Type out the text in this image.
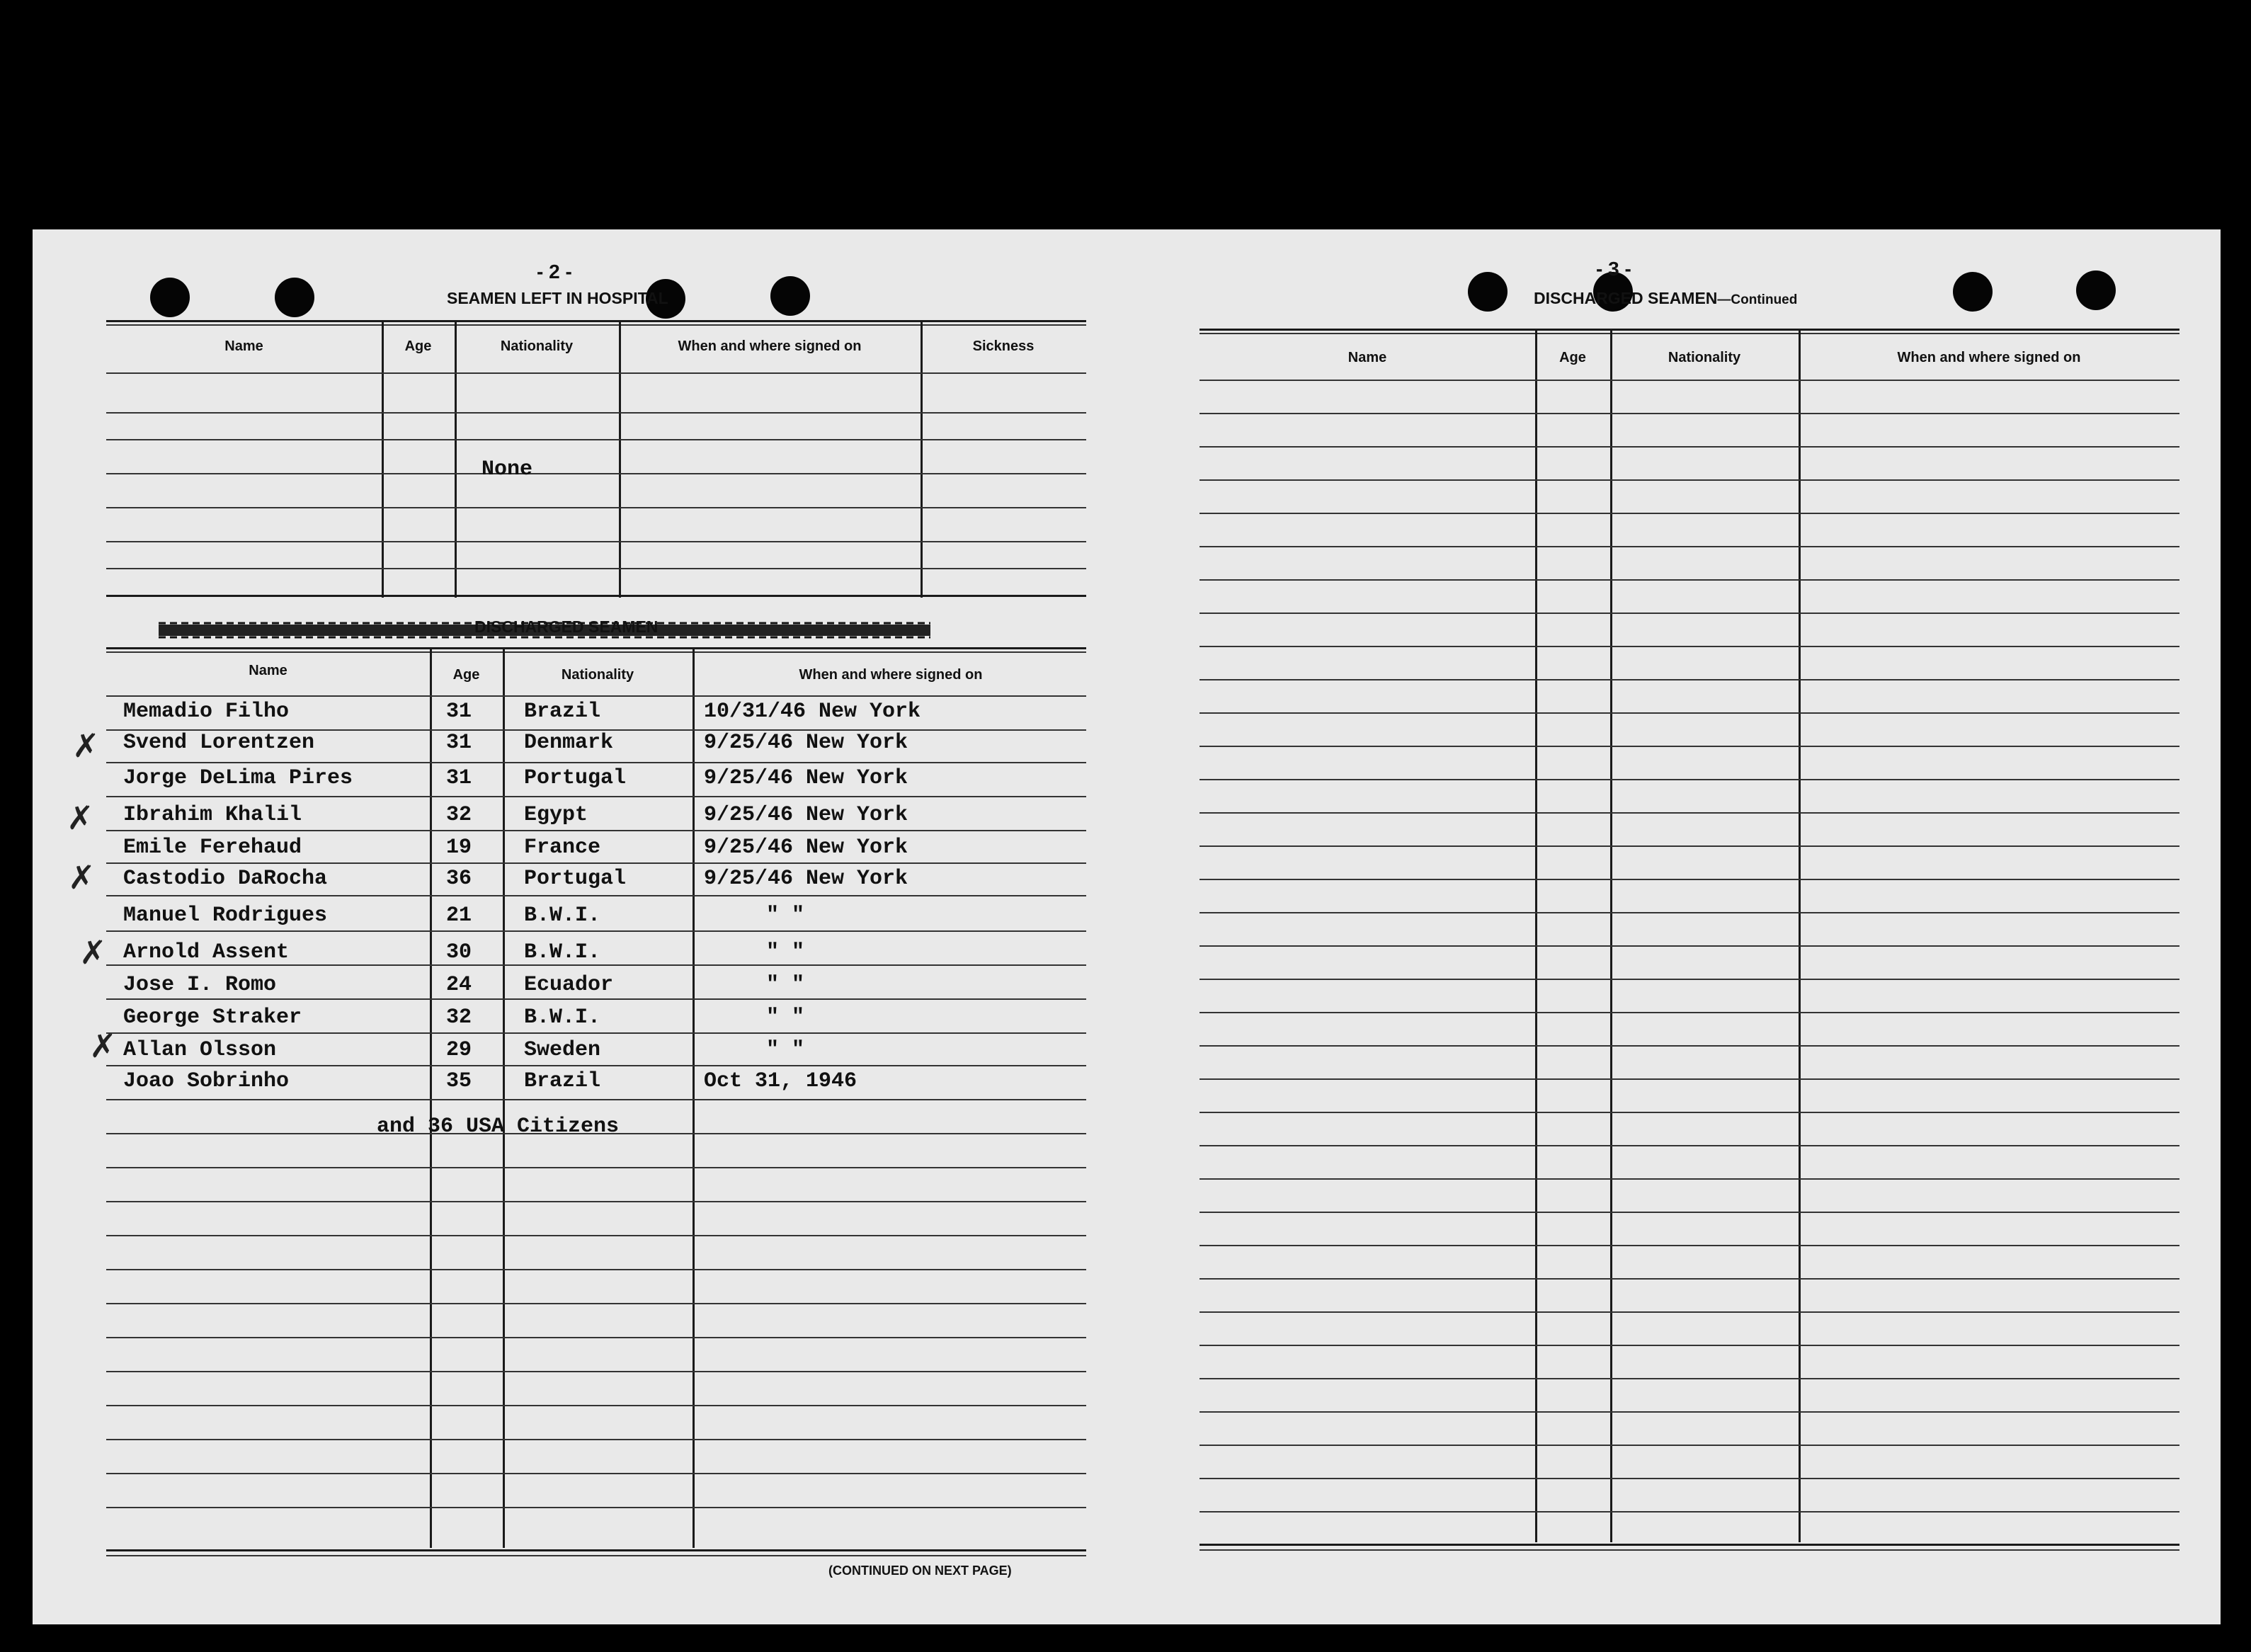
- 2 -
SEAMEN LEFT IN HOSPITAL
Name	Age	Nationality	When and where signed on	Sickness
None
DISCHARGED SEAMEN
Name	Age	Nationality	When and where signed on
Memadio Filho	31 Brazil	10/31/46 New York
Svend Lorentzen	31 Denmark	9/25/46 New York
Jorge DeLima Pires	31 Portugal	9/25/46 New York
Ibrahim Khalil	32 Egypt	9/25/46 New York
Emile Ferehaud	19 France	9/25/46 New York
Castodio DaRocha	36 Portugal	9/25/46 New York
Manuel Rodrigues	21 B.W.I.	" "
Arnold Assent	30 B.W.I.	" "
Jose I. Romo	24 Ecuador	" "
George Straker	32 B.W.I.	" "
Allan Olsson	29 Sweden	" "
Joao Sobrinho	35 Brazil	Oct 31, 1946
and 36 USA Citizens
(CONTINUED ON NEXT PAGE)
✗
✗
✗
✗
✗
- 3 -
DISCHARGED SEAMEN—Continued
Name	Age	Nationality	When and where signed on
